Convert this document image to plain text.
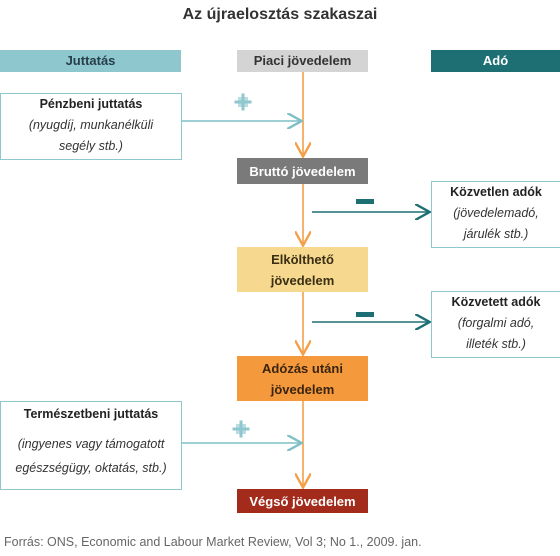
Az újraelosztás szakaszai
Juttatás	Piaci jövedelem	Adó
Bruttó jövedelem
Elkölthető
jövedelem
Adózás utáni
jövedelem
Végső jövedelem
Pénzbeni juttatás
(nyugdíj, munkanélküli
segély stb.)
Természetbeni juttatás
(ingyenes vagy támogatott
egészségügy, oktatás, stb.)
Közvetlen adók
(jövedelemadó,
járulék stb.)
Közvetett adók
(forgalmi adó,
illeték stb.)
Forrás: ONS, Economic and Labour Market Review, Vol 3; No 1., 2009. jan.
